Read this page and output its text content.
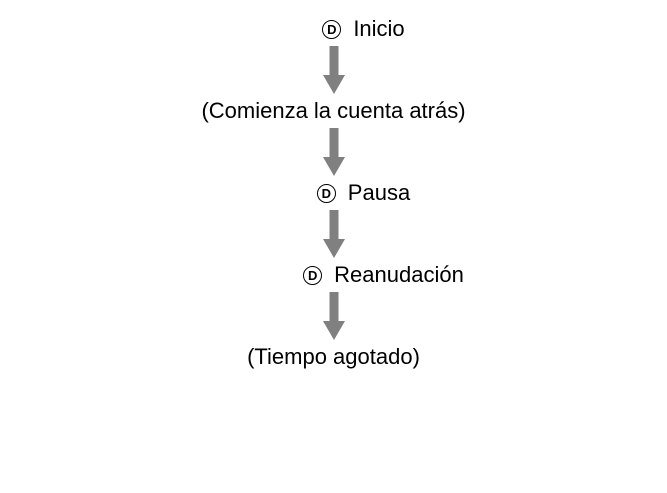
D Inicio
(Comienza la cuenta atrás)
D Pausa
D Reanudación
(Tiempo agotado)
